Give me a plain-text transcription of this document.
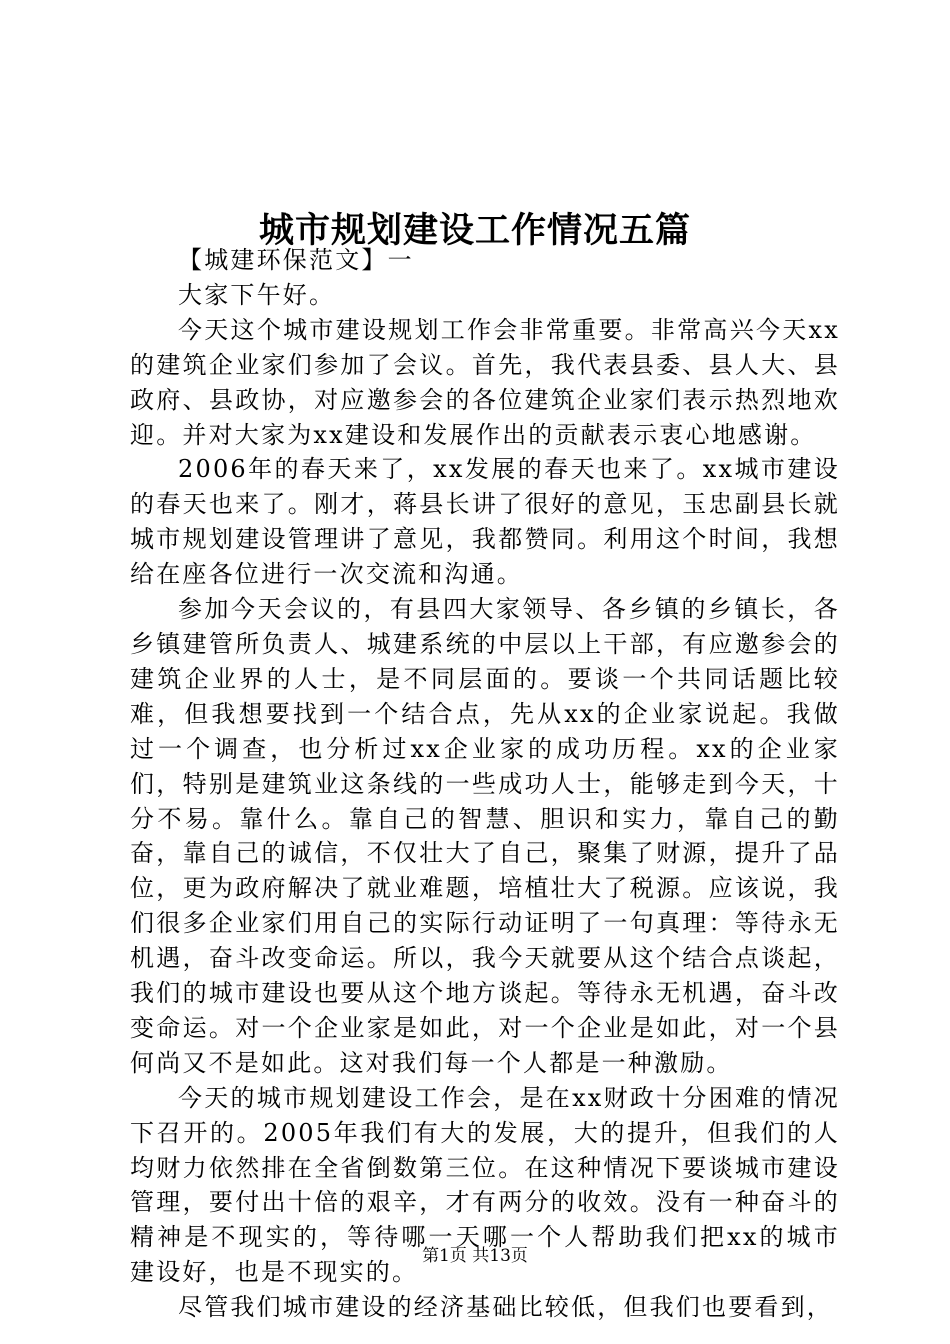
城市规划建设工作情况五篇

【城建环保范文】一

大家下午好。

今天这个城市建设规划工作会非常重要。非常高兴今天xx的建筑企业家们参加了会议。首先，我代表县委、县人大、县政府、县政协，对应邀参会的各位建筑企业家们表示热烈地欢迎。并对大家为xx建设和发展作出的贡献表示衷心地感谢。

2006年的春天来了，xx发展的春天也来了。xx城市建设的春天也来了。刚才，蒋县长讲了很好的意见，玉忠副县长就城市规划建设管理讲了意见，我都赞同。利用这个时间，我想给在座各位进行一次交流和沟通。

参加今天会议的，有县四大家领导、各乡镇的乡镇长，各乡镇建管所负责人、城建系统的中层以上干部，有应邀参会的建筑企业界的人士，是不同层面的。要谈一个共同话题比较难，但我想要找到一个结合点，先从xx的企业家说起。我做过一个调查，也分析过xx企业家的成功历程。xx的企业家们，特别是建筑业这条线的一些成功人士，能够走到今天，十分不易。靠什么。靠自己的智慧、胆识和实力，靠自己的勤奋，靠自己的诚信，不仅壮大了自己，聚集了财源，提升了品位，更为政府解决了就业难题，培植壮大了税源。应该说，我们很多企业家们用自己的实际行动证明了一句真理：等待永无机遇，奋斗改变命运。所以，我今天就要从这个结合点谈起，我们的城市建设也要从这个地方谈起。等待永无机遇，奋斗改变命运。对一个企业家是如此，对一个企业是如此，对一个县何尚又不是如此。这对我们每一个人都是一种激励。

今天的城市规划建设工作会，是在xx财政十分困难的情况下召开的。2005年我们有大的发展，大的提升，但我们的人均财力依然排在全省倒数第三位。在这种情况下要谈城市建设管理，要付出十倍的艰辛，才有两分的收效。没有一种奋斗的精神是不现实的，等待哪一天哪一个人帮助我们把xx的城市建设好，也是不现实的。

尽管我们城市建设的经济基础比较低，但我们也要看到，

第1页 共13页
